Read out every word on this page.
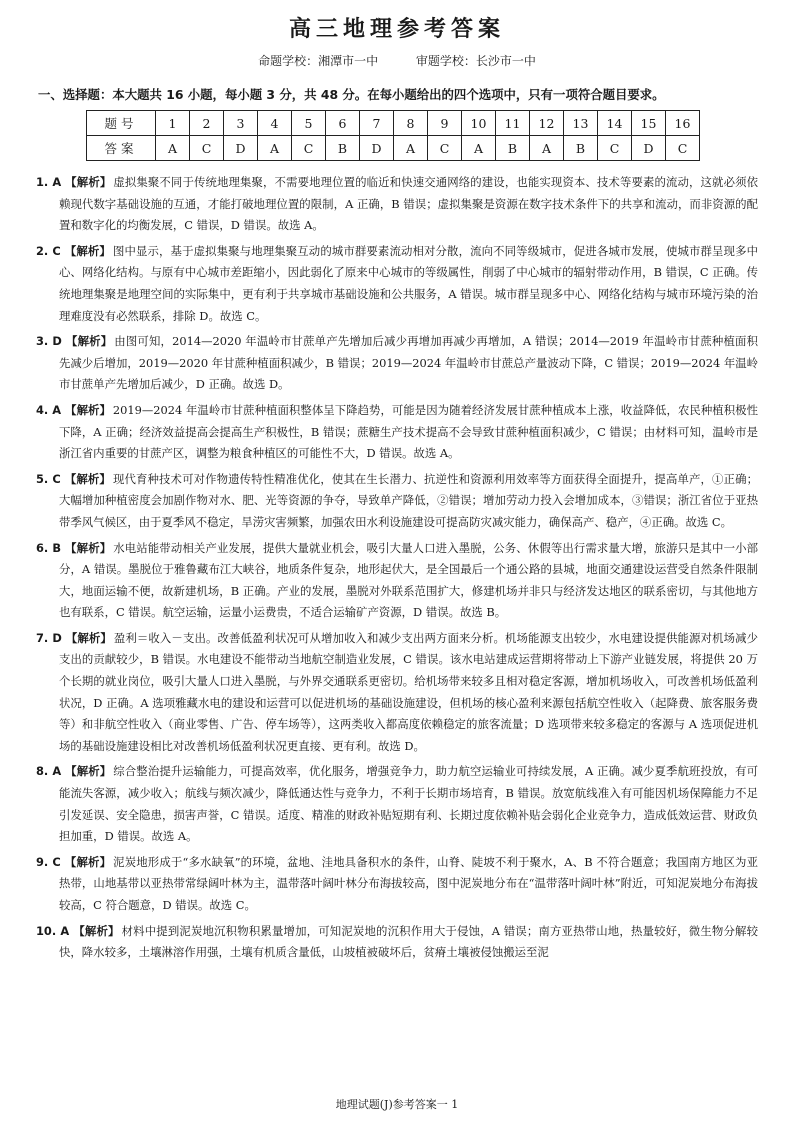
高三地理参考答案
命题学校：湘潭市一中	审题学校：长沙市一中
一、选择题：本大题共 16 小题，每小题 3 分，共 48 分。在每小题给出的四个选项中，只有一项符合题目要求。
题号	1	2	3	4	5	6	7	8	9	10	11	12	13	14	15	16
答案	A	C	D	A	C	B	D	A	C	A	B	A	B	C	D	C

1. A 【解析】 虚拟集聚不同于传统地理集聚，不需要地理位置的临近和快速交通网络的建设，也能实现资本、技术等要素的流动，这就必须依赖现代数字基础设施的互通，才能打破地理位置的限制，A 正确，B 错误；虚拟集聚是资源在数字技术条件下的共享和流动，而非资源的配置和数字化的均衡发展，C 错误，D 错误。故选 A。

2. C 【解析】 图中显示，基于虚拟集聚与地理集聚互动的城市群要素流动相对分散，流向不同等级城市，促进各城市发展，使城市群呈现多中心、网络化结构。与原有中心城市差距缩小，因此弱化了原来中心城市的等级属性，削弱了中心城市的辐射带动作用，B 错误，C 正确。传统地理集聚是地理空间的实际集中，更有利于共享城市基础设施和公共服务，A 错误。城市群呈现多中心、网络化结构与城市环境污染的治理难度没有必然联系，排除 D。故选 C。

3. D 【解析】 由图可知，2014—2020 年温岭市甘蔗单产先增加后减少再增加再减少再增加，A 错误；2014—2019 年温岭市甘蔗种植面积先减少后增加，2019—2020 年甘蔗种植面积减少，B 错误；2019—2024 年温岭市甘蔗总产量波动下降，C 错误；2019—2024 年温岭市甘蔗单产先增加后减少，D 正确。故选 D。

4. A 【解析】 2019—2024 年温岭市甘蔗种植面积整体呈下降趋势，可能是因为随着经济发展甘蔗种植成本上涨，收益降低，农民种植积极性下降，A 正确；经济效益提高会提高生产积极性，B 错误；蔗糖生产技术提高不会导致甘蔗种植面积减少，C 错误；由材料可知，温岭市是浙江省内重要的甘蔗产区，调整为粮食种植区的可能性不大，D 错误。故选 A。

5. C 【解析】 现代育种技术可对作物遗传特性精准优化，使其在生长潜力、抗逆性和资源利用效率等方面获得全面提升，提高单产，①正确；大幅增加种植密度会加剧作物对水、肥、光等资源的争夺，导致单产降低，②错误；增加劳动力投入会增加成本，③错误；浙江省位于亚热带季风气候区，由于夏季风不稳定，旱涝灾害频繁，加强农田水利设施建设可提高防灾减灾能力，确保高产、稳产，④正确。故选 C。

6. B 【解析】 水电站能带动相关产业发展，提供大量就业机会，吸引大量人口进入墨脱，公务、休假等出行需求量大增，旅游只是其中一小部分，A 错误。墨脱位于雅鲁藏布江大峡谷，地质条件复杂，地形起伏大，是全国最后一个通公路的县城，地面交通建设运营受自然条件限制大，地面运输不便，故新建机场，B 正确。产业的发展，墨脱对外联系范围扩大，修建机场并非只与经济发达地区的联系密切，与其他地方也有联系，C 错误。航空运输，运量小运费贵，不适合运输矿产资源，D 错误。故选 B。

7. D 【解析】 盈利＝收入－支出。改善低盈利状况可从增加收入和减少支出两方面来分析。机场能源支出较少，水电建设提供能源对机场减少支出的贡献较少，B 错误。水电建设不能带动当地航空制造业发展，C 错误。该水电站建成运营期将带动上下游产业链发展，将提供 20 万个长期的就业岗位，吸引大量人口进入墨脱，与外界交通联系更密切。给机场带来较多且相对稳定客源，增加机场收入，可改善机场低盈利状况，D 正确。A 选项雅藏水电的建设和运营可以促进机场的基础设施建设，但机场的核心盈利来源包括航空性收入（起降费、旅客服务费等）和非航空性收入（商业零售、广告、停车场等），这两类收入都高度依赖稳定的旅客流量；D 选项带来较多稳定的客源与 A 选项促进机场的基础设施建设相比对改善机场低盈利状况更直接、更有利。故选 D。

8. A 【解析】 综合整治提升运输能力，可提高效率，优化服务，增强竞争力，助力航空运输业可持续发展，A 正确。减少夏季航班投放，有可能流失客源，减少收入；航线与频次减少，降低通达性与竞争力，不利于长期市场培育，B 错误。放宽航线准入有可能因机场保障能力不足引发延误、安全隐患，损害声誉，C 错误。适度、精准的财政补贴短期有利、长期过度依赖补贴会弱化企业竞争力，造成低效运营、财政负担加重，D 错误。故选 A。

9. C 【解析】 泥炭地形成于“多水缺氧”的环境，盆地、洼地具备积水的条件，山脊、陡坡不利于聚水，A、B 不符合题意；我国南方地区为亚热带，山地基带以亚热带常绿阔叶林为主，温带落叶阔叶林分布海拔较高，图中泥炭地分布在“温带落叶阔叶林”附近，可知泥炭地分布海拔较高，C 符合题意，D 错误。故选 C。

10. A 【解析】 材料中提到泥炭地沉积物积累量增加，可知泥炭地的沉积作用大于侵蚀，A 错误；南方亚热带山地，热量较好，微生物分解较快，降水较多，土壤淋溶作用强，土壤有机质含量低，山坡植被破坏后，贫瘠土壤被侵蚀搬运至泥

地理试题(J)参考答案一 1
